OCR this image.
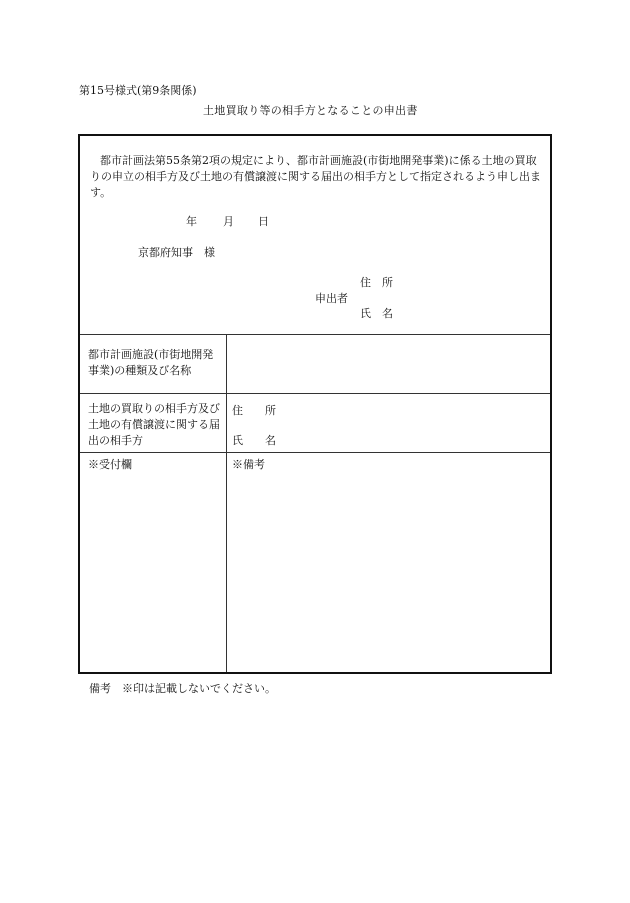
第15号様式(第9条関係)
土地買取り等の相手方となることの申出書

都市計画法第55条第2項の規定により、都市計画施設(市街地開発事業)に係る土地の買取りの申立の相手方及び土地の有償譲渡に関する届出の相手方として指定されるよう申し出ます。

年 月 日
京都府知事　様
住　所
申出者
氏　名

都市計画施設(市街地開発事業)の種類及び名称

土地の買取りの相手方及び土地の有償譲渡に関する届出の相手方

住　　所
氏　　名
※受付欄	※備考
備考　※印は記載しないでください。
